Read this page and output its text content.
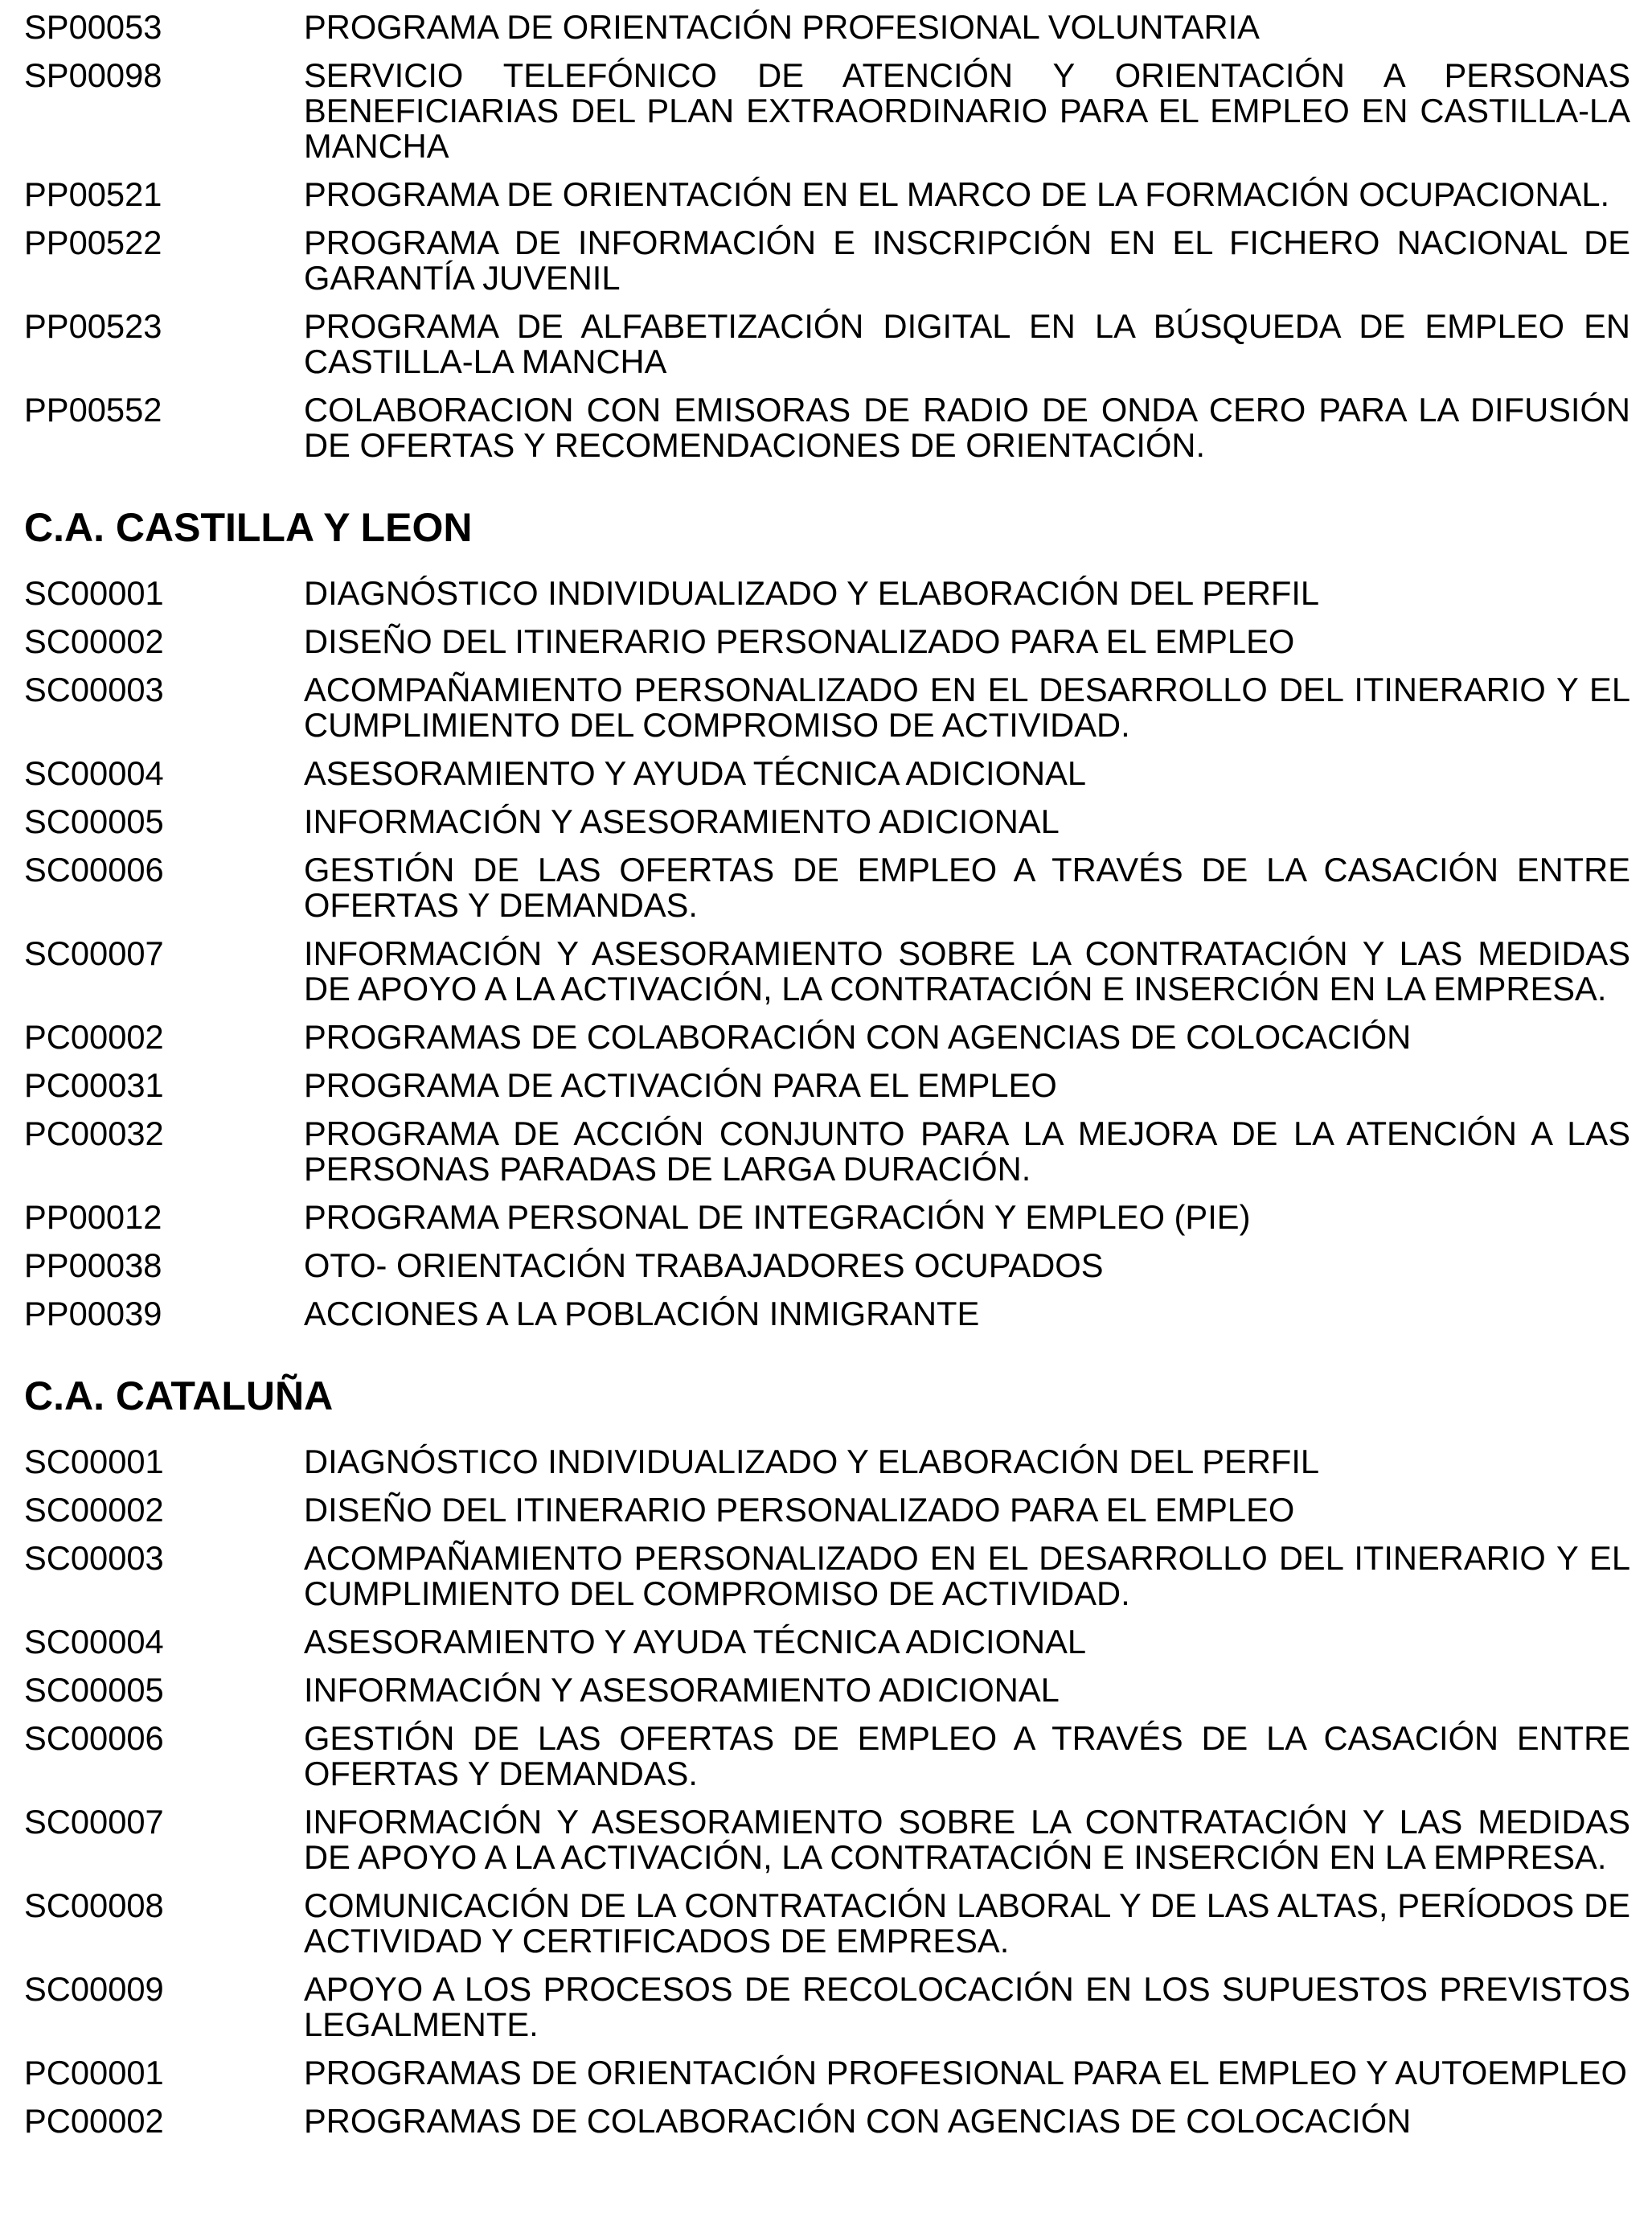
SP00053	PROGRAMA DE ORIENTACIÓN PROFESIONAL VOLUNTARIA
SP00098	SERVICIO TELEFÓNICO DE ATENCIÓN Y ORIENTACIÓN A PERSONAS BENEFICIARIAS DEL PLAN EXTRAORDINARIO PARA EL EMPLEO EN CASTILLA-LA MANCHA
PP00521	PROGRAMA DE ORIENTACIÓN EN EL MARCO DE LA FORMACIÓN OCUPACIONAL.
PP00522	PROGRAMA DE INFORMACIÓN E INSCRIPCIÓN EN EL FICHERO NACIONAL DE GARANTÍA JUVENIL
PP00523	PROGRAMA DE ALFABETIZACIÓN DIGITAL EN LA BÚSQUEDA DE EMPLEO EN CASTILLA-LA MANCHA
PP00552	COLABORACION CON EMISORAS DE RADIO DE ONDA CERO PARA LA DIFUSIÓN DE OFERTAS Y RECOMENDACIONES DE ORIENTACIÓN.
C.A. CASTILLA Y LEON
SC00001	DIAGNÓSTICO INDIVIDUALIZADO Y ELABORACIÓN DEL PERFIL
SC00002	DISEÑO DEL ITINERARIO PERSONALIZADO PARA EL EMPLEO
SC00003	ACOMPAÑAMIENTO PERSONALIZADO EN EL DESARROLLO DEL ITINERARIO Y EL CUMPLIMIENTO DEL COMPROMISO DE ACTIVIDAD.
SC00004	ASESORAMIENTO Y AYUDA TÉCNICA ADICIONAL
SC00005	INFORMACIÓN Y ASESORAMIENTO ADICIONAL
SC00006	GESTIÓN DE LAS OFERTAS DE EMPLEO A TRAVÉS DE LA CASACIÓN ENTRE OFERTAS Y DEMANDAS.
SC00007	INFORMACIÓN Y ASESORAMIENTO SOBRE LA CONTRATACIÓN Y LAS MEDIDAS DE APOYO A LA ACTIVACIÓN, LA CONTRATACIÓN E INSERCIÓN EN LA EMPRESA.
PC00002	PROGRAMAS DE COLABORACIÓN CON AGENCIAS DE COLOCACIÓN
PC00031	PROGRAMA DE ACTIVACIÓN PARA EL EMPLEO
PC00032	PROGRAMA DE ACCIÓN CONJUNTO PARA LA MEJORA DE LA ATENCIÓN A LAS PERSONAS PARADAS DE LARGA DURACIÓN.
PP00012	PROGRAMA PERSONAL DE INTEGRACIÓN Y EMPLEO (PIE)
PP00038	OTO- ORIENTACIÓN TRABAJADORES OCUPADOS
PP00039	ACCIONES A LA POBLACIÓN INMIGRANTE
C.A. CATALUÑA
SC00001	DIAGNÓSTICO INDIVIDUALIZADO Y ELABORACIÓN DEL PERFIL
SC00002	DISEÑO DEL ITINERARIO PERSONALIZADO PARA EL EMPLEO
SC00003	ACOMPAÑAMIENTO PERSONALIZADO EN EL DESARROLLO DEL ITINERARIO Y EL CUMPLIMIENTO DEL COMPROMISO DE ACTIVIDAD.
SC00004	ASESORAMIENTO Y AYUDA TÉCNICA ADICIONAL
SC00005	INFORMACIÓN Y ASESORAMIENTO ADICIONAL
SC00006	GESTIÓN DE LAS OFERTAS DE EMPLEO A TRAVÉS DE LA CASACIÓN ENTRE OFERTAS Y DEMANDAS.
SC00007	INFORMACIÓN Y ASESORAMIENTO SOBRE LA CONTRATACIÓN Y LAS MEDIDAS DE APOYO A LA ACTIVACIÓN, LA CONTRATACIÓN E INSERCIÓN EN LA EMPRESA.
SC00008	COMUNICACIÓN DE LA CONTRATACIÓN LABORAL Y DE LAS ALTAS, PERÍODOS DE ACTIVIDAD Y CERTIFICADOS DE EMPRESA.
SC00009	APOYO A LOS PROCESOS DE RECOLOCACIÓN EN LOS SUPUESTOS PREVISTOS LEGALMENTE.
PC00001	PROGRAMAS DE ORIENTACIÓN PROFESIONAL PARA EL EMPLEO Y AUTOEMPLEO
PC00002	PROGRAMAS DE COLABORACIÓN CON AGENCIAS DE COLOCACIÓN
